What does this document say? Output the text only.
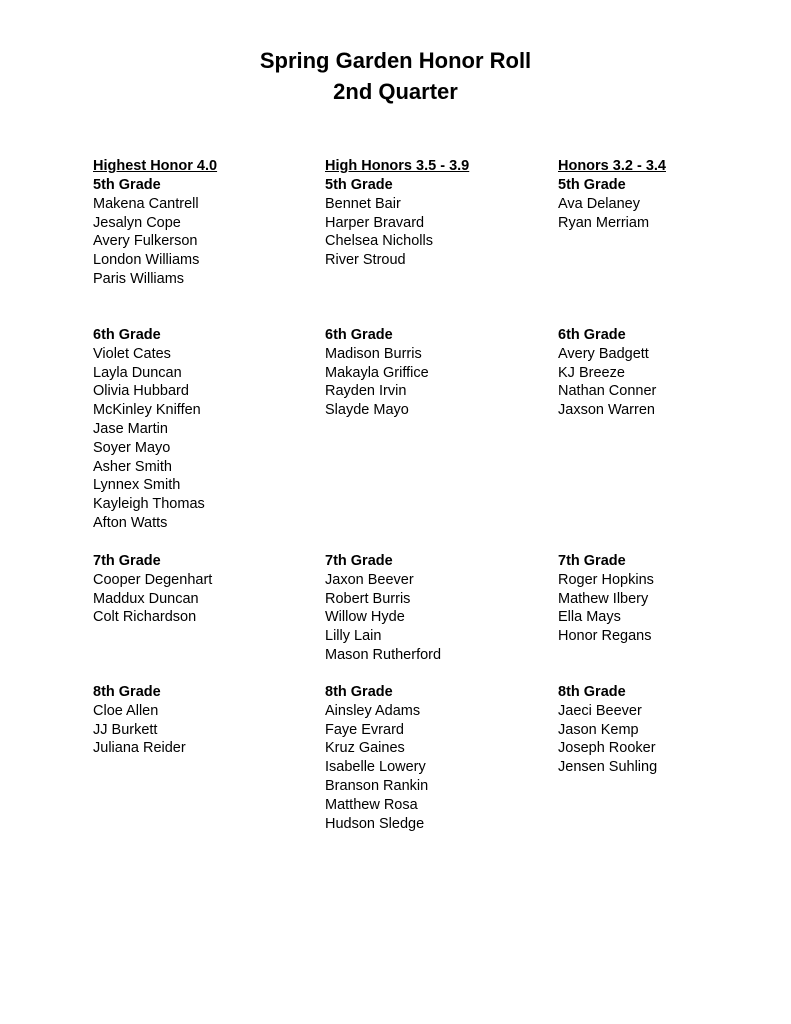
Spring Garden Honor Roll
2nd Quarter
Highest Honor 4.0	High Honors 3.5 - 3.9	Honors 3.2 - 3.4
5th Grade
Makena Cantrell
Jesalyn Cope
Avery Fulkerson
London Williams
Paris Williams
5th Grade
Bennet Bair
Harper Bravard
Chelsea Nicholls
River Stroud
5th Grade
Ava Delaney
Ryan Merriam
6th Grade
Violet Cates
Layla Duncan
Olivia Hubbard
McKinley Kniffen
Jase Martin
Soyer Mayo
Asher Smith
Lynnex Smith
Kayleigh Thomas
Afton Watts
6th Grade
Madison Burris
Makayla Griffice
Rayden Irvin
Slayde Mayo
6th Grade
Avery Badgett
KJ Breeze
Nathan Conner
Jaxson Warren
7th Grade
Cooper Degenhart
Maddux Duncan
Colt Richardson
7th Grade
Jaxon Beever
Robert Burris
Willow Hyde
Lilly Lain
Mason Rutherford
7th Grade
Roger Hopkins
Mathew Ilbery
Ella Mays
Honor Regans
8th Grade
Cloe Allen
JJ Burkett
Juliana Reider
8th Grade
Ainsley Adams
Faye Evrard
Kruz Gaines
Isabelle Lowery
Branson Rankin
Matthew Rosa
Hudson Sledge
8th Grade
Jaeci Beever
Jason Kemp
Joseph Rooker
Jensen Suhling
